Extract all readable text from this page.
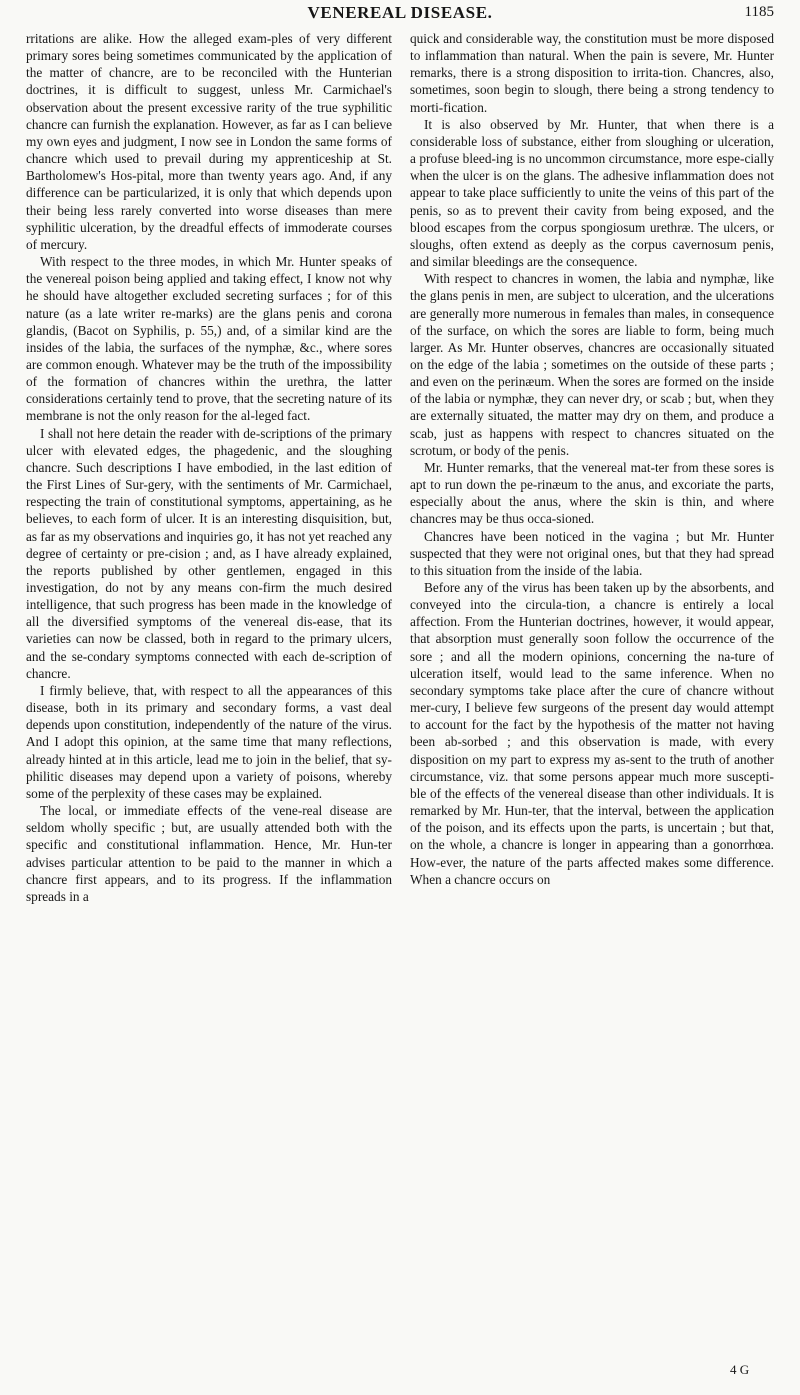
VENEREAL DISEASE.	1185

rritations are alike. How the alleged exam-ples of very different primary sores being sometimes communicated by the application of the matter of chancre, are to be reconciled with the Hunterian doctrines, it is difficult to suggest, unless Mr. Carmichael's observation about the present excessive rarity of the true syphilitic chancre can furnish the explanation. However, as far as I can believe my own eyes and judgment, I now see in London the same forms of chancre which used to prevail during my apprenticeship at St. Bartholomew's Hos-pital, more than twenty years ago. And, if any difference can be particularized, it is only that which depends upon their being less rarely converted into worse diseases than mere syphilitic ulceration, by the dreadful effects of immoderate courses of mercury.

With respect to the three modes, in which Mr. Hunter speaks of the venereal poison being applied and taking effect, I know not why he should have altogether excluded secreting surfaces ; for of this nature (as a late writer re-marks) are the glans penis and corona glandis, (Bacot on Syphilis, p. 55,) and, of a similar kind are the insides of the labia, the surfaces of the nymphæ, &c., where sores are common enough. Whatever may be the truth of the impossibility of the formation of chancres within the urethra, the latter considerations certainly tend to prove, that the secreting nature of its membrane is not the only reason for the al-leged fact.

I shall not here detain the reader with de-scriptions of the primary ulcer with elevated edges, the phagedenic, and the sloughing chancre. Such descriptions I have embodied, in the last edition of the First Lines of Sur-gery, with the sentiments of Mr. Carmichael, respecting the train of constitutional symptoms, appertaining, as he believes, to each form of ulcer. It is an interesting disquisition, but, as far as my observations and inquiries go, it has not yet reached any degree of certainty or pre-cision ; and, as I have already explained, the reports published by other gentlemen, engaged in this investigation, do not by any means con-firm the much desired intelligence, that such progress has been made in the knowledge of all the diversified symptoms of the venereal dis-ease, that its varieties can now be classed, both in regard to the primary ulcers, and the se-condary symptoms connected with each de-scription of chancre.

I firmly believe, that, with respect to all the appearances of this disease, both in its primary and secondary forms, a vast deal depends upon constitution, independently of the nature of the virus. And I adopt this opinion, at the same time that many reflections, already hinted at in this article, lead me to join in the belief, that sy-philitic diseases may depend upon a variety of poisons, whereby some of the perplexity of these cases may be explained.

The local, or immediate effects of the vene-real disease are seldom wholly specific ; but, are usually attended both with the specific and constitutional inflammation. Hence, Mr. Hun-ter advises particular attention to be paid to the manner in which a chancre first appears, and to its progress. If the inflammation spreads in a

quick and considerable way, the constitution must be more disposed to inflammation than natural. When the pain is severe, Mr. Hunter remarks, there is a strong disposition to irrita-tion. Chancres, also, sometimes, soon begin to slough, there being a strong tendency to morti-fication.

It is also observed by Mr. Hunter, that when there is a considerable loss of substance, either from sloughing or ulceration, a profuse bleed-ing is no uncommon circumstance, more espe-cially when the ulcer is on the glans. The adhesive inflammation does not appear to take place sufficiently to unite the veins of this part of the penis, so as to prevent their cavity from being exposed, and the blood escapes from the corpus spongiosum urethræ. The ulcers, or sloughs, often extend as deeply as the corpus cavernosum penis, and similar bleedings are the consequence.

With respect to chancres in women, the labia and nymphæ, like the glans penis in men, are subject to ulceration, and the ulcerations are generally more numerous in females than males, in consequence of the surface, on which the sores are liable to form, being much larger. As Mr. Hunter observes, chancres are occasionally situated on the edge of the labia ; sometimes on the outside of these parts ; and even on the perinæum. When the sores are formed on the inside of the labia or nymphæ, they can never dry, or scab ; but, when they are externally situated, the matter may dry on them, and produce a scab, just as happens with respect to chancres situated on the scrotum, or body of the penis.

Mr. Hunter remarks, that the venereal mat-ter from these sores is apt to run down the pe-rinæum to the anus, and excoriate the parts, especially about the anus, where the skin is thin, and where chancres may be thus occa-sioned.

Chancres have been noticed in the vagina ; but Mr. Hunter suspected that they were not original ones, but that they had spread to this situation from the inside of the labia.

Before any of the virus has been taken up by the absorbents, and conveyed into the circula-tion, a chancre is entirely a local affection. From the Hunterian doctrines, however, it would appear, that absorption must generally soon follow the occurrence of the sore ; and all the modern opinions, concerning the na-ture of ulceration itself, would lead to the same inference. When no secondary symptoms take place after the cure of chancre without mer-cury, I believe few surgeons of the present day would attempt to account for the fact by the hypothesis of the matter not having been ab-sorbed ; and this observation is made, with every disposition on my part to express my as-sent to the truth of another circumstance, viz. that some persons appear much more suscepti-ble of the effects of the venereal disease than other individuals. It is remarked by Mr. Hun-ter, that the interval, between the application of the poison, and its effects upon the parts, is uncertain ; but that, on the whole, a chancre is longer in appearing than a gonorrhœa. How-ever, the nature of the parts affected makes some difference. When a chancre occurs on

4 G
